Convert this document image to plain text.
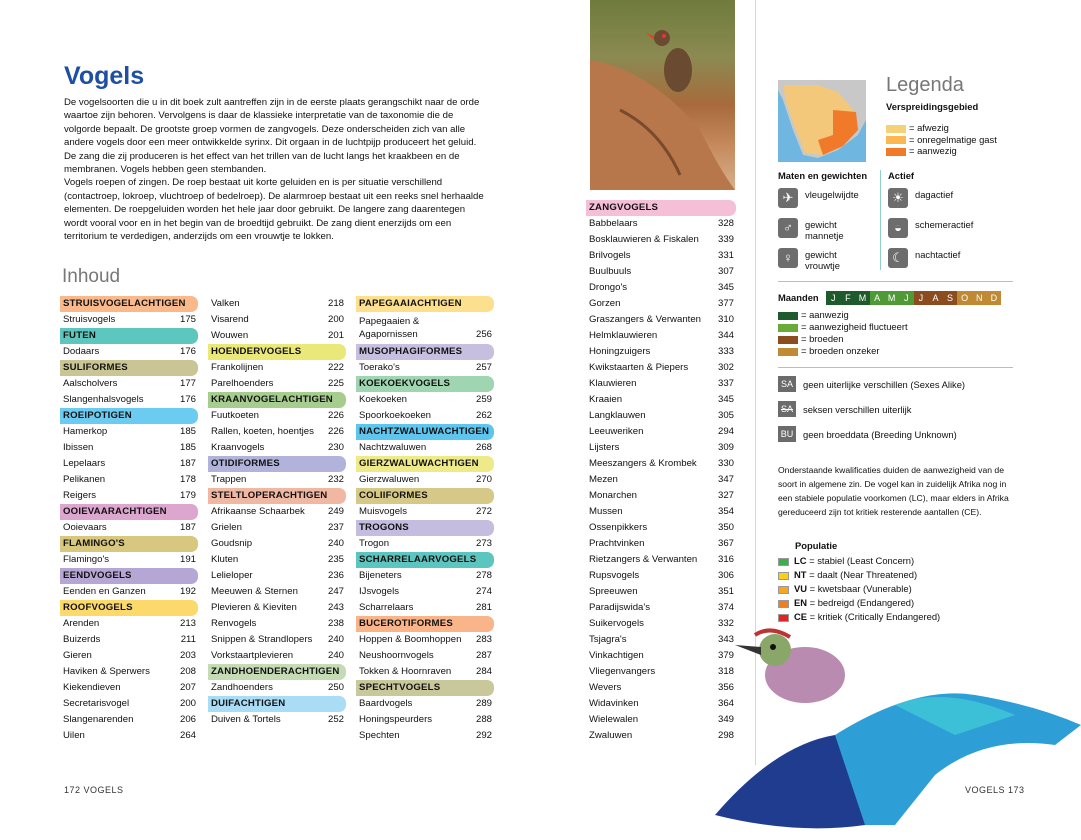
Vogels
De vogelsoorten die u in dit boek zult aantreffen zijn in de eerste plaats gerangschikt naar de orde waartoe zijn behoren. Vervolgens is daar de klassieke interpretatie van de taxonomie die de volgorde bepaalt. De grootste groep vormen de zangvogels. Deze onderscheiden zich van alle andere vogels door een meer ontwikkelde syrinx. Dit orgaan in de luchtpijp produceert het geluid. De zang die zij produceren is het effect van het trillen van de lucht langs het kraakbeen en de membranen. Vogels hebben geen stembanden.
Vogels roepen of zingen. De roep bestaat uit korte geluiden en is per situatie verschillend (contactroep, lokroep, vluchtroep of bedelroep). De alarmroep bestaat uit een reeks snel herhaalde elementen. De roepgeluiden worden het hele jaar door gebruikt. De langere zang daarentegen wordt vooral voor en in het begin van de broedtijd gebruikt. De zang dient enerzijds om een territorium te verdedigen, anderzijds om een vrouwtje te lokken.
Inhoud
STRUISVOGELACHTIGEN
Struisvogels	175
FUTEN
Dodaars	176
SULIFORMES
Aalscholvers	177
Slangenhalsvogels	176
ROEIPOTIGEN
Hamerkop	185
Ibissen	185
Lepelaars	187
Pelikanen	178
Reigers	179
OOIEVAARACHTIGEN
Ooievaars	187
FLAMINGO'S
Flamingo's	191
EENDVOGELS
Eenden en Ganzen	192
ROOFVOGELS
Arenden	213
Buizerds	211
Gieren	203
Haviken & Sperwers	208
Kiekendieven	207
Secretarisvogel	200
Slangenarenden	206
Uilen	264
Valken	218
Visarend	200
Wouwen	201
HOENDERVOGELS
Frankolijnen	222
Parelhoenders	225
KRAANVOGELACHTIGEN
Fuutkoeten	226
Rallen, koeten, hoentjes 226
Kraanvogels	230
OTIDIFORMES
Trappen	232
STELTLOPERACHTIGEN
Afrikaanse Schaarbek 249
Grielen	237
Goudsnip	240
Kluten	235
Lelieloper	236
Meeuwen & Sternen	247
Plevieren & Kieviten	243
Renvogels	238
Snippen & Strandlopers 240
Vorkstaartplevieren	240
ZANDHOENDERACHTIGEN
Zandhoenders	250
DUIFACHTIGEN
Duiven & Tortels	252
PAPEGAAIACHTIGEN
Papegaaien & Agapornissen	256
MUSOPHAGIFORMES
Toerako's	257
KOEKOEKVOGELS
Koekoeken	259
Spoorkoekoeken	262
NACHTZWALUWACHTIGEN
Nachtzwaluwen	268
GIERZWALUWACHTIGEN
Gierzwaluwen	270
COLIIFORMES
Muisvogels	272
TROGONS
Trogon	273
SCHARRELAARVOGELS
Bijeneters	278
IJsvogels	274
Scharrelaars	281
BUCEROTIFORMES
Hoppen & Boomhoppen 283
Neushoornvogels	287
Tokken & Hoornraven	284
SPECHTVOGELS
Baardvogels	289
Honingspeurders	288
Spechten	292
ZANGVOGELS
Babbelaars	328
Bosklauwieren & Fiskalen 339
Brilvogels	331
Buulbuuls	307
Drongo's	345
Gorzen	377
Graszangers & Verwanten 310
Helmklauwieren	344
Honingzuigers	333
Kwikstaarten & Piepers	302
Klauwieren	337
Kraaien	345
Langklauwen	305
Leeuweriken	294
Lijsters	309
Meeszangers & Krombek 330
Mezen	347
Monarchen	327
Mussen	354
Ossenpikkers	350
Prachtvinken	367
Rietzangers & Verwanten 316
Rupsvogels	306
Spreeuwen	351
Paradijswida's	374
Suikervogels	332
Tsjagra's	343
Vinkachtigen	379
Vliegenvangers	318
Wevers	356
Widavinken	364
Wielewalen	349
Zwaluwen	298
172 VOGELS	VOGELS 173
Legenda
Verspreidingsgebied
= afwezig
= onregelmatige gast
= aanwezig
Maten en gewichten Actief
Maanden	J	F M A M J	J	A S O N D
= aanwezig
= aanwezigheid fluctueert
= broeden
= broeden onzeker
Onderstaande kwalificaties duiden de aanwezigheid van de soort in algemene zin. De vogel kan in zuidelijk Afrika nog in een stabiele populatie voorkomen (LC), maar elders in Afrika gereduceerd zijn tot kritiek resterende aantallen (CE).
Populatie
LC = stabiel (Least Concern)
NT = daalt (Near Threatened)
VU = kwetsbaar (Vunerable)
EN = bedreigd (Endangered)
CE = kritiek (Critically Endangered)
✈	vleugelwijdte
♂	gewicht mannetje
♀	gewicht vrouwtje
☀	dagactief
◒	schemeractief
☾	nachtactief
SA	geen uiterlijke verschillen (Sexes Alike)
SA	seksen verschillen uiterlijk
BU geen broeddata (Breeding Unknown)
